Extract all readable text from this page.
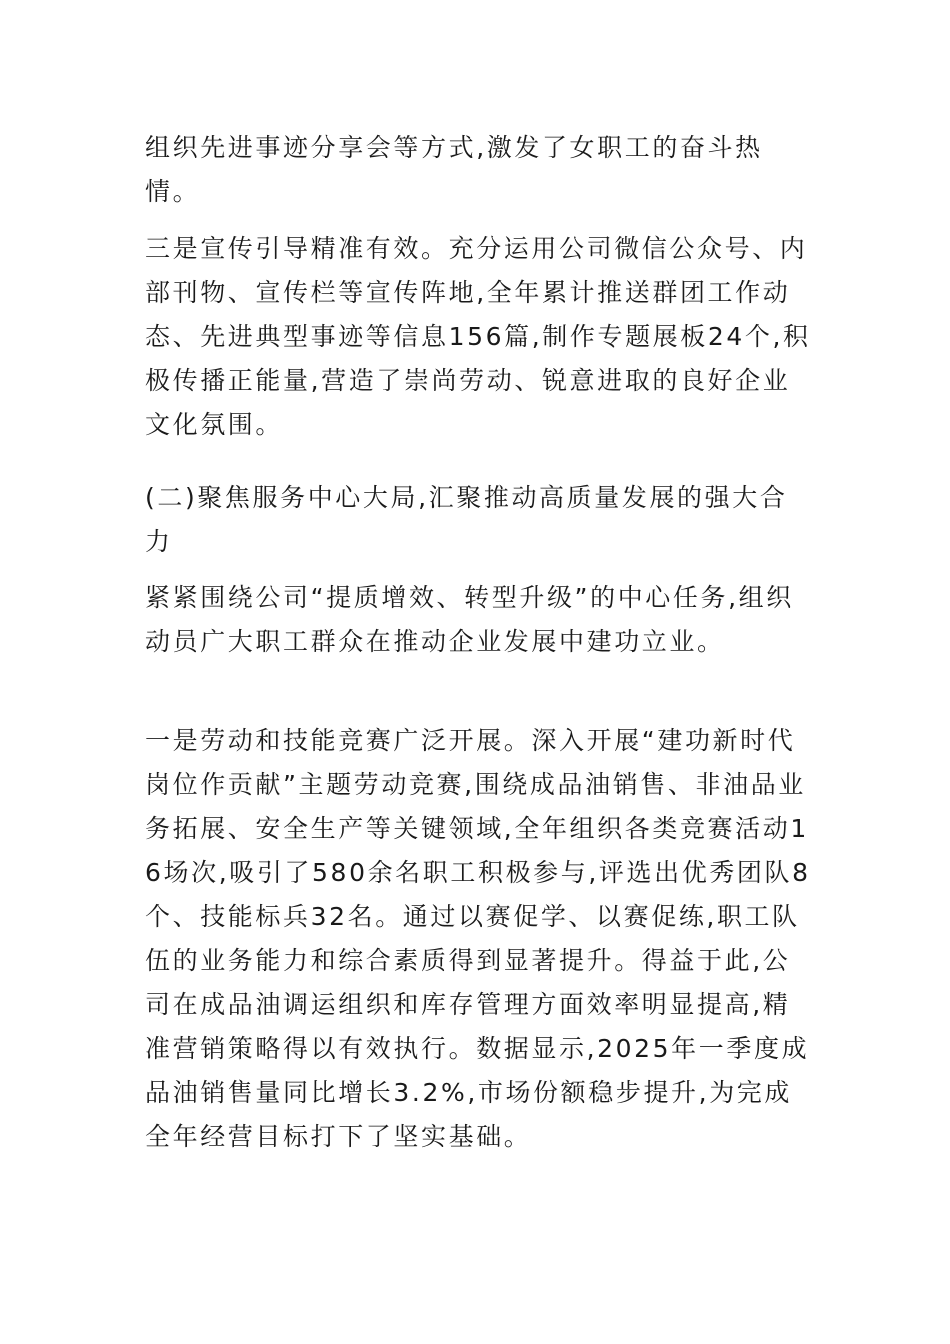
组织先进事迹分享会等方式,激发了女职工的奋斗热情。

三是宣传引导精准有效。充分运用公司微信公众号、内部刊物、宣传栏等宣传阵地,全年累计推送群团工作动态、先进典型事迹等信息156篇,制作专题展板24个,积极传播正能量,营造了崇尚劳动、锐意进取的良好企业文化氛围。

(二)聚焦服务中心大局,汇聚推动高质量发展的强大合力

紧紧围绕公司“提质增效、转型升级”的中心任务,组织动员广大职工群众在推动企业发展中建功立业。

一是劳动和技能竞赛广泛开展。深入开展“建功新时代岗位作贡献”主题劳动竞赛,围绕成品油销售、非油品业务拓展、安全生产等关键领域,全年组织各类竞赛活动16场次,吸引了580余名职工积极参与,评选出优秀团队8个、技能标兵32名。通过以赛促学、以赛促练,职工队伍的业务能力和综合素质得到显著提升。得益于此,公司在成品油调运组织和库存管理方面效率明显提高,精准营销策略得以有效执行。数据显示,2025年一季度成品油销售量同比增长3.2%,市场份额稳步提升,为完成全年经营目标打下了坚实基础。
